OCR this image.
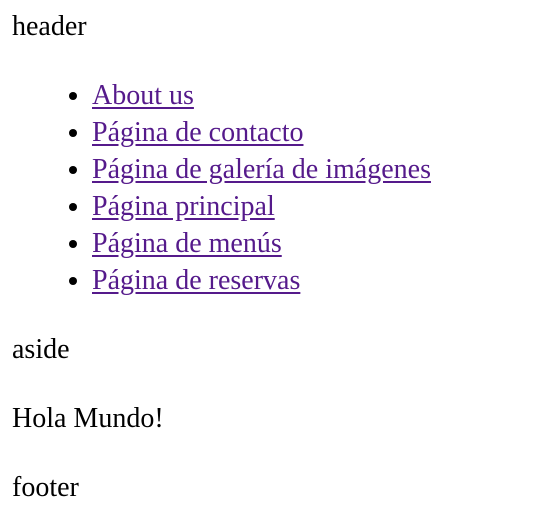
header
• About us
• Página de contacto
• Página de galería de imágenes
• Página principal
• Página de menús
• Página de reservas
aside
Hola Mundo!
footer
